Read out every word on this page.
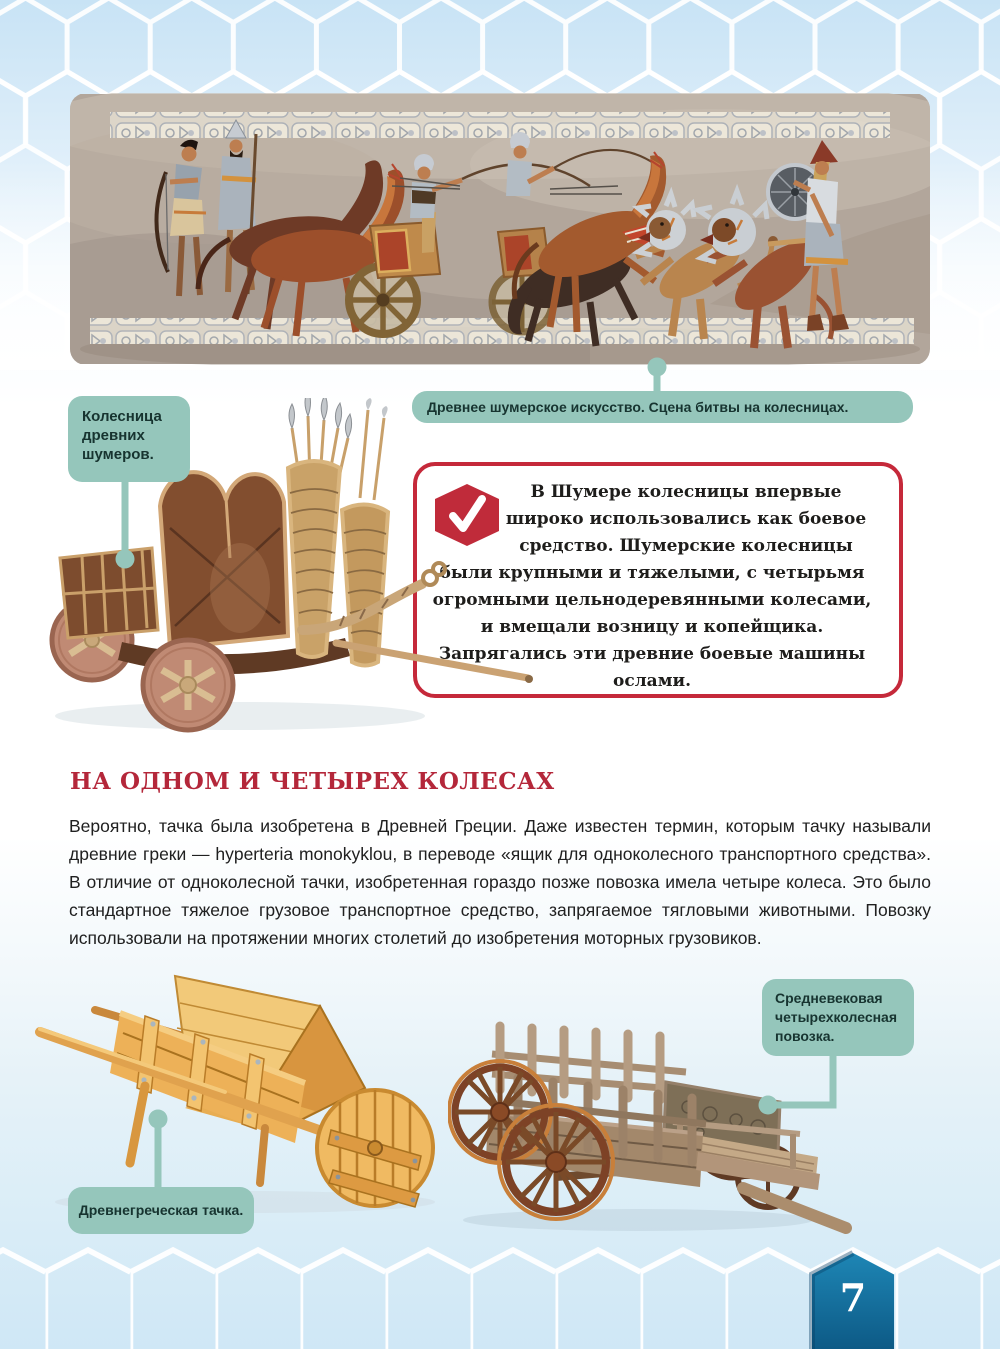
Древнее шумерское искусство. Сцена битвы на колесницах.
Колесница древних шумеров.
В Шумере колесницы впервые широко использовались как боевое средство. Шумерские колесницы были крупными и тяжелыми, с четырьмя огромными цельнодеревянными колесами, и вмещали возницу и копейщика. Запрягались эти древние боевые машины ослами.
НА ОДНОМ И ЧЕТЫРЕХ КОЛЕСАХ
Вероятно, тачка была изобретена в Древней Греции. Даже известен термин, которым тачку называли древние греки — hyperteria monokyklou, в переводе «ящик для одноколесного транспортного средства». В отличие от одноколесной тачки, изобретенная гораздо позже повозка имела четыре колеса. Это было стандартное тяжелое грузовое транспортное средство, запрягаемое тягловыми животными. Повозку использовали на протяжении многих столетий до изобретения моторных грузовиков.
Средневековая четырехколесная повозка.
Древнегреческая тачка.
7
